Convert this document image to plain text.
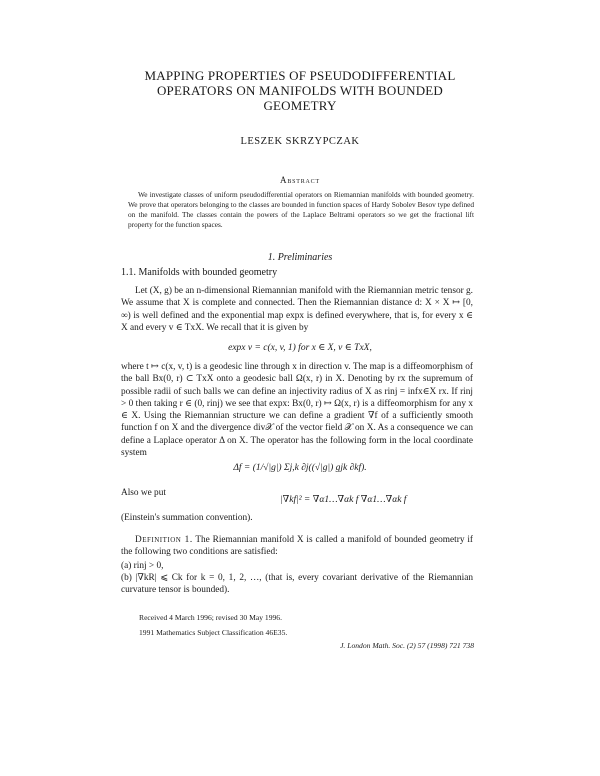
MAPPING PROPERTIES OF PSEUDODIFFERENTIAL OPERATORS ON MANIFOLDS WITH BOUNDED GEOMETRY
LESZEK SKRZYPCZAK
Abstract
We investigate classes of uniform pseudodifferential operators on Riemannian manifolds with bounded geometry. We prove that operators belonging to the classes are bounded in function spaces of Hardy Sobolev Besov type defined on the manifold. The classes contain the powers of the Laplace Beltrami operators so we get the fractional lift property for the function spaces.
1. Preliminaries
1.1. Manifolds with bounded geometry
Let (X, g) be an n-dimensional Riemannian manifold with the Riemannian metric tensor g. We assume that X is complete and connected. Then the Riemannian distance d: X × X ↦ [0, ∞) is well defined and the exponential map expx is defined everywhere, that is, for every x ∈ X and every v ∈ TxX. We recall that it is given by
expx v = c(x, v, 1) for x ∈ X, v ∈ TxX,
where t ↦ c(x, v, t) is a geodesic line through x in direction v. The map is a diffeomorphism of the ball Bx(0, r) ⊂ TxX onto a geodesic ball Ω(x, r) in X. Denoting by rx the supremum of possible radii of such balls we can define an injectivity radius of X as rinj = infx∈X rx. If rinj > 0 then taking r ∈ (0, rinj) we see that expx: Bx(0, r) ↦ Ω(x, r) is a diffeomorphism for any x ∈ X. Using the Riemannian structure we can define a gradient ∇f of a sufficiently smooth function f on X and the divergence div𝒳 of the vector field 𝒳 on X. As a consequence we can define a Laplace operator Δ on X. The operator has the following form in the local coordinate system
Δf = (1/√|g|) Σj,k ∂j((√|g|) gjk ∂kf).
Also we put
|∇kf|² = ∇α1…∇αk f ∇α1…∇αk f
(Einstein's summation convention).
Definition 1. The Riemannian manifold X is called a manifold of bounded geometry if the following two conditions are satisfied:
(a) rinj > 0,
(b) |∇kR| ⩽ Ck for k = 0, 1, 2, …, (that is, every covariant derivative of the Riemannian curvature tensor is bounded).
Received 4 March 1996; revised 30 May 1996.
1991 Mathematics Subject Classification 46E35.
J. London Math. Soc. (2) 57 (1998) 721 738
